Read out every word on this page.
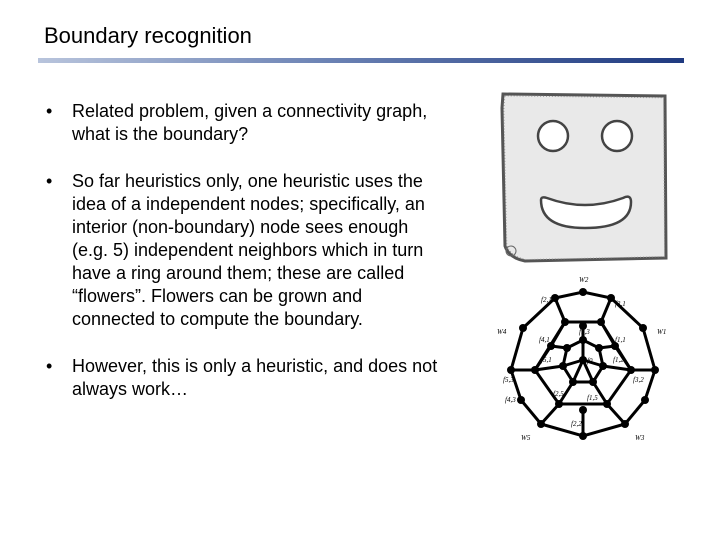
Boundary recognition
• Related problem, given a connectivity graph, what is the boundary?
• So far heuristics only, one heuristic uses the idea of a independent nodes; specifically, an interior (non-boundary) node sees enough (e.g. 5) independent neighbors which in turn have a ring around them; these are called “flowers”. Flowers can be grown and connected to compute the boundary.
• However, this is only a heuristic, and does not always work…
W2
W4	W1
W5	W3
f0
f2,1	f3,1
f1,3
f4,1	f1,1
f5,1	f1,2
f5,3	f3,2
f2,5	f1,5
f2,2
f4,3
